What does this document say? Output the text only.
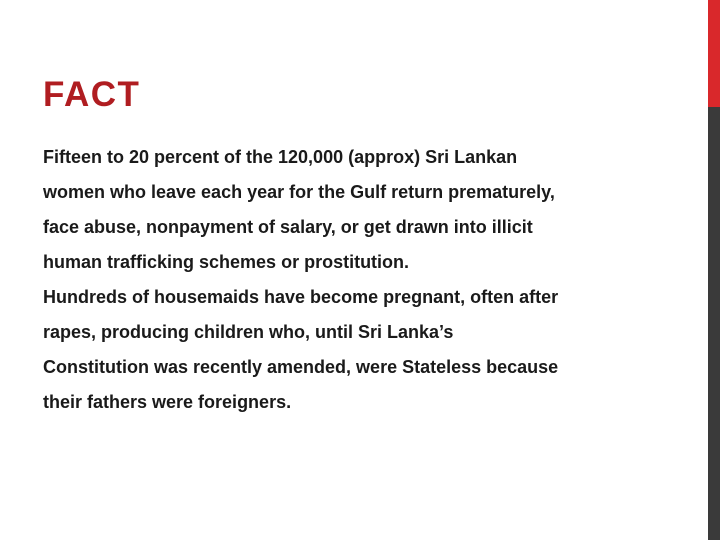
FACT

Fifteen to 20 percent of the 120,000 (approx) Sri Lankan women who leave each year for the Gulf return prematurely, face abuse, nonpayment of salary, or get drawn into illicit human trafficking schemes or prostitution.

Hundreds of housemaids have become pregnant, often after rapes, producing children who, until Sri Lanka’s Constitution was recently amended, were Stateless because their fathers were foreigners.
